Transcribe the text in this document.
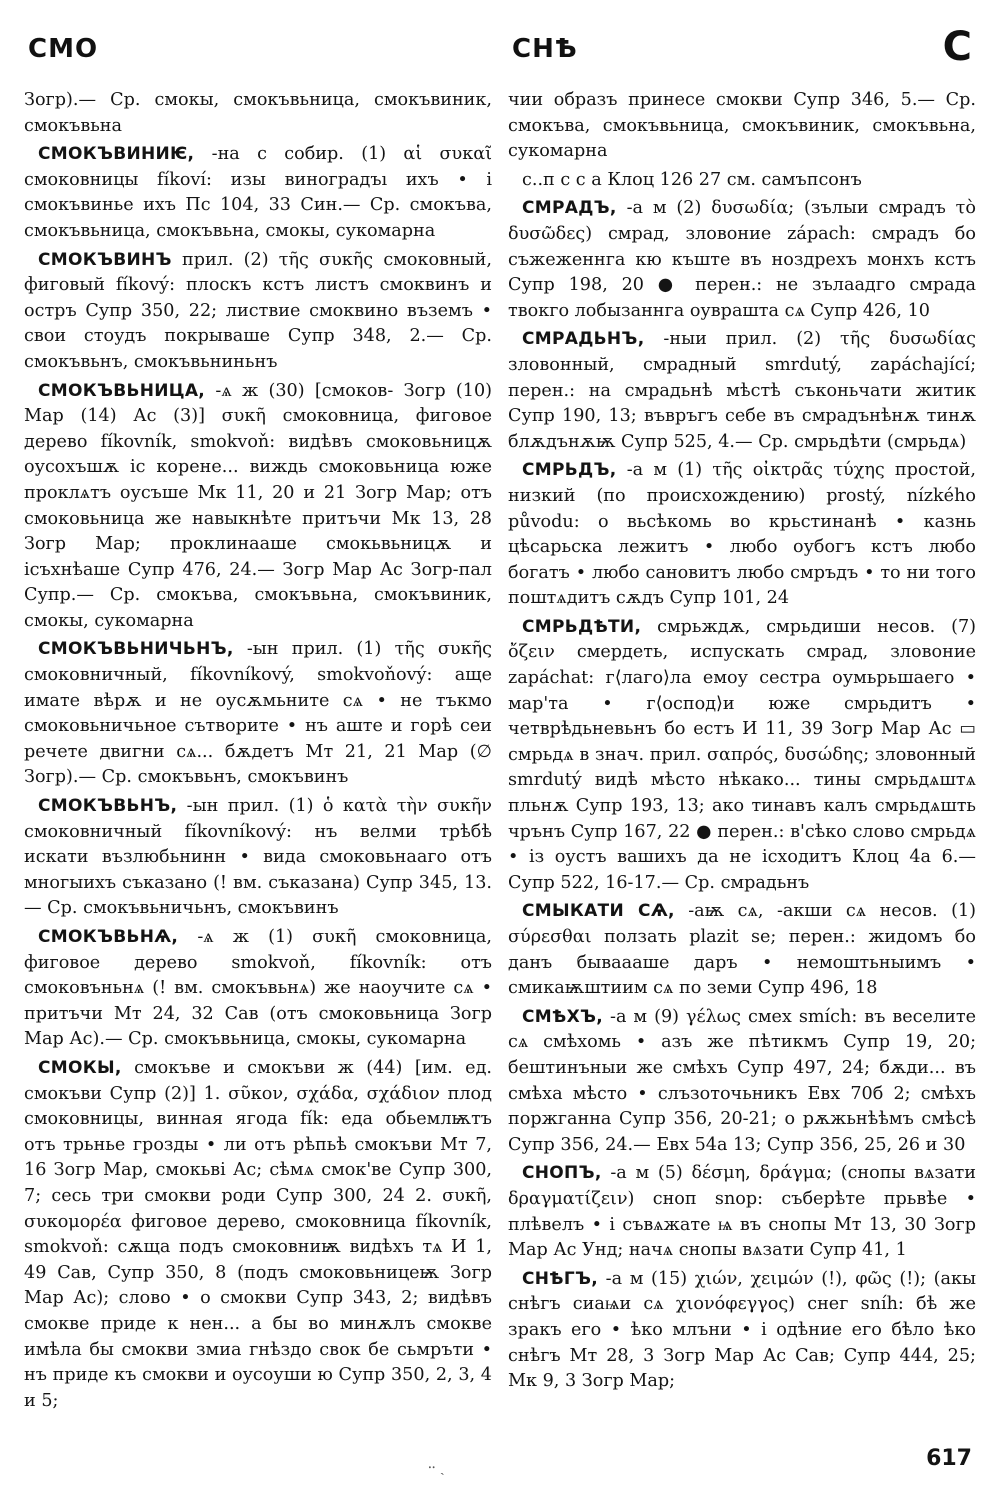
СМО	СНѢ	С

Зогр).— Ср. смокы, смокъвьница, смокъвиник, смокъвьна

СМОКЪВИНИѤ, -на с собир. (1) αἱ συκαῖ смоковницы fíkoví: изы виноградъı ихъ • і смокъвинье ихъ Пс 104, 33 Син.— Ср. смокъва, смокъвьница, смокъвьна, смокы, сукомарна

СМОКЪВИНЪ прил. (2) τῆς συκῆς смоковный, фиговый fíkový: плоскъ кстъ листъ смоквинъ и остръ Супр 350, 22; листвие смоквино въземъ • свои стоудъ покрываше Супр 348, 2.— Ср. смокъвьнъ, смокъвьниньнъ

СМОКЪВЬНИЦА, -ѧ ж (30) [смоков- Зогр (10) Мар (14) Ас (3)] συκῆ смоковница, фиговое дерево fíkovník, smokvoň: видѣвъ смоковьницѫ оусохъшѫ іс корене... виждь смоковьница юже проклѧтъ оусъше Мк 11, 20 и 21 Зогр Мар; отъ смоковьница же навыкнѣте притъчи Мк 13, 28 Зогр Мар; проклинааше смокьвьницѫ и ісъхнѣаше Супр 476, 24.— Зогр Мар Ас Зогр-пал Супр.— Ср. смокъва, смокъвьна, смокъвиник, смокы, сукомарна

СМОКЪВЬНИЧЬНЪ, -ын прил. (1) τῆς συκῆς смоковничный, fíkovníkový, smokvoňový: аще имате вѣрѫ и не оусѫмьните сѧ • не тъкмо смоковьничьное сътворите • нъ аште и горѣ сеи речете двигни сѧ... бѫдетъ Мт 21, 21 Мар (∅ Зогр).— Ср. смокъвьнъ, смокъвинъ

СМОКЪВЬНЪ, -ын прил. (1) ὁ κατὰ τὴν συκῆν смоковничный fíkovníkový: нъ велми трѣбѣ искати възлюбьнинн • вида смоковьнааго отъ многыихъ съказано (! вм. съказана) Супр 345, 13.— Ср. смокъвьничьнъ, смокъвинъ

СМОКЪВЬНѦ, -ѧ ж (1) συκῆ смоковница, фиговое дерево smokvoň, fíkovník: отъ смоковъньнѧ (! вм. смокъвьнѧ) же наоучите сѧ • притъчи Мт 24, 32 Сав (отъ смоковьница Зогр Мар Ас).— Ср. смокъвьница, смокы, сукомарна

СМОКЫ, смокъве и смокъви ж (44) [им. ед. смокъви Супр (2)] 1. σῦκον, σχάδα, σχάδιον плод смоковницы, винная ягода fík: еда обьемлѭтъ отъ трьнье грозды • ли отъ рѣпьѣ смокъви Мт 7, 16 Зогр Мар, смокьві Ас; сѣмѧ смок'ве Супр 300, 7; сесь три смокви роди Супр 300, 24 2. συκῆ, συκομορέα фиговое дерево, смоковница fíkovník, smokvoň: сѫща подъ смоковниѭ видѣхъ тѧ И 1, 49 Сав, Супр 350, 8 (подъ смоковьницеѭ Зогр Мар Ас); слово • о смокви Супр 343, 2; видѣвъ смокве приде к нен... а бы во минѫлъ смокве имѣла бы смокви змиа гнѣздо свок бе сьмръти • нъ приде къ смокви и оусоуши ю Супр 350, 2, 3, 4 и 5;

чии образъ принесе смокви Супр 346, 5.— Ср. смокъва, смокъвьница, смокъвиник, смокъвьна, сукомарна

с..п с с а Клоц 126 27 см. самъпсонъ

СМРАДЪ, -а м (2) δυσωδία; (зълыи смрадъ τὸ δυσῶδες) смрад, зловоние zápach: смрадъ бо съжеженнга кю къште въ ноздрехъ монхъ кстъ Супр 198, 20 ● перен.: не зълаадго смрада твокго лобызаннга оуврашта сѧ Супр 426, 10

СМРАДЬНЪ, -ныи прил. (2) τῆς δυσωδίας зловонный, смрадный smrdutý, zapáchající; перен.: на смрадьнѣ мѣстѣ съконьчати житик Супр 190, 13; въвръгъ себе въ смрадънѣнѫ тинѫ блѫдънѫѭ Супр 525, 4.— Ср. смрьдѣти (смрьдѧ)

СМРЬДЪ, -а м (1) τῆς οἰκτρᾶς τύχης простой, низкий (по происхождению) prostý, nízkého původu: о вьсѣкомь во крьстинанѣ • казнь цѣсарьска лежитъ • любо оубогъ кстъ любо богатъ • любо сановитъ любо смръдъ • то ни того поштѧдитъ сѫдъ Супр 101, 24

СМРЬДѢТИ, смрьждѫ, смрьдиши несов. (7) ὄζειν смердеть, испускать смрад, зловоние zapáchat: г⟨лаго⟩ла емоу сестра оумьрьшаего • мар'та • г⟨оспод⟩и юже смрьдитъ • четврѣдьневьнъ бо естъ И 11, 39 Зогр Мар Ас ▭ смрьдѧ в знач. прил. σαπρός, δυσώδης; зловонный smrdutý видѣ мѣсто нѣкако... тины смрьдѧштѧ пльнѫ Супр 193, 13; ако тинавъ калъ смрьдѧшть чрънъ Супр 167, 22 ● перен.: в'сѣко слово смрьдѧ • із оустъ вашихъ да не ісходитъ Клоц 4а 6.— Супр 522, 16-17.— Ср. смрадьнъ

СМЫКАТИ СѦ, -аѭ сѧ, -акши сѧ несов. (1) σύρεσθαι ползать plazit se; перен.: жидомъ бо данъ бываааше даръ • немоштьныимъ • смикаѭштиим сѧ по земи Супр 496, 18

СМѢХЪ, -а м (9) γέλως смех smích: въ веселите сѧ смѣхомь • азъ же пѣтикмъ Супр 19, 20; бештинъныи же смѣхъ Супр 497, 24; бѫди... въ смѣха мѣсто • слъзоточьникъ Евх 70б 2; смѣхъ поржганна Супр 356, 20-21; о рѫжьнѣѣмъ смѣсѣ Супр 356, 24.— Евх 54а 13; Супр 356, 25, 26 и 30

СНОПЪ, -а м (5) δέσμη, δράγμα; (снопы вѧзати δραγματίζειν) сноп snop: съберѣте прьвѣе • плѣвелъ • і съвѧжате ѩ въ снопы Мт 13, 30 Зогр Мар Ас Унд; начѧ снопы вѧзати Супр 41, 1

СНѢГЪ, -а м (15) χιών, χειμών (!), φῶς (!); (акы снѣгъ сиаѩи сѧ χιονόφεγγος) снег sníh: бѣ же зракъ его • ѣко млъни • і одѣние его бѣло ѣко снѣгъ Мт 28, 3 Зогр Мар Ас Сав; Супр 444, 25; Мк 9, 3 Зогр Мар;

⸱⸱ ˏ	617
